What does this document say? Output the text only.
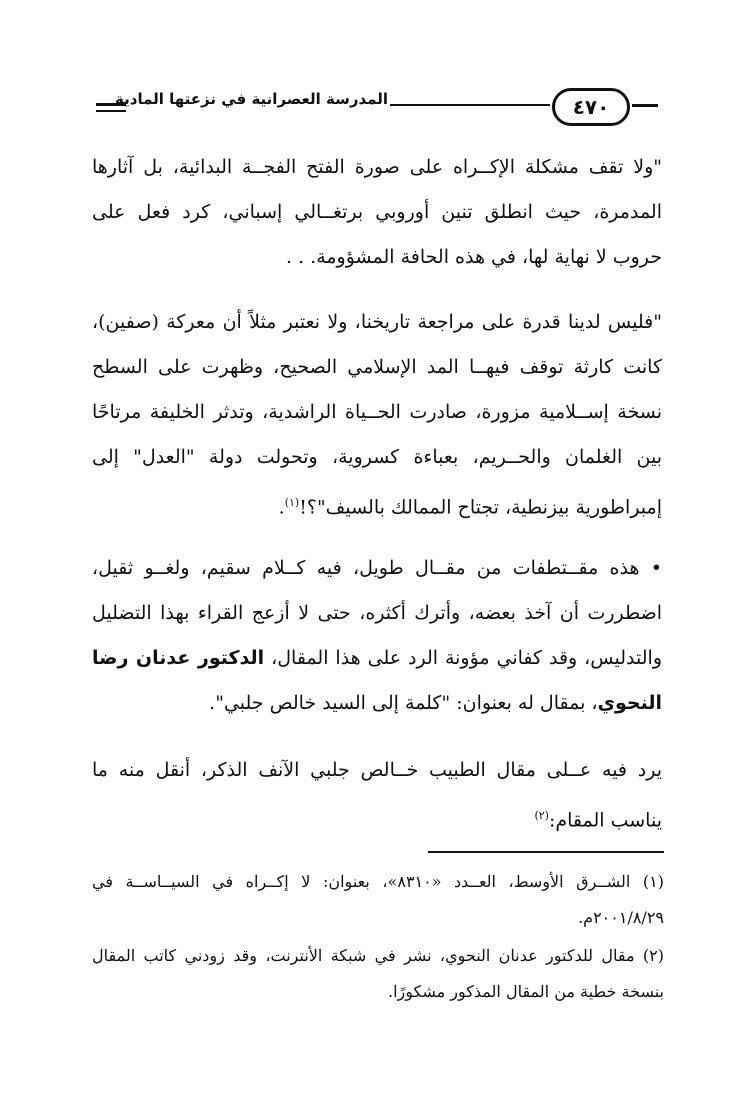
المدرسة العصرانية في نزعتها المادية	٤٧٠
"ولا تقف مشكلة الإكــراه على صورة الفتح الفجــة البدائية، بل آثارها المدمرة، حيث انطلق تنين أوروبي برتغــالي إسباني، كرد فعل على حروب لا نهاية لها، في هذه الحافة المشؤومة. . .
"فليس لدينا قدرة على مراجعة تاريخنا، ولا نعتبر مثلاً أن معركة (صفين)، كانت كارثة توقف فيهــا المد الإسلامي الصحيح، وظهرت على السطح نسخة إســلامية مزورة، صادرت الحــياة الراشدية، وتدثر الخليفة مرتاحًا بين الغلمان والحــريم، بعباءة كسروية، وتحولت دولة "العدل" إلى إمبراطورية بيزنطية، تجتاح الممالك بالسيف"؟!$^{(١)}$.
• هذه مقــتطفات من مقــال طويل، فيه كــلام سقيم، ولغــو ثقيل، اضطررت أن آخذ بعضه، وأترك أكثره، حتى لا أزعج القراء بهذا التضليل والتدليس، وقد كفاني مؤونة الرد على هذا المقال، الدكتور عدنان رضا النحوي، بمقال له بعنوان: "كلمة إلى السيد خالص جلبي".
يرد فيه عــلى مقال الطبيب خــالص جلبي الآنف الذكر، أنقل منه ما يناسب المقام:$^{(٢)}$
(١) الشــرق الأوسط، العــدد «٨٣١٠»، بعنوان: لا إكــراه في السيــاســة في ٢٠٠١/٨/٢٩م.
(٢) مقال للدكتور عدنان النحوي، نشر في شبكة الأنترنت، وقد زودني كاتب المقال بنسخة خطية من المقال المذكور مشكورًا.
